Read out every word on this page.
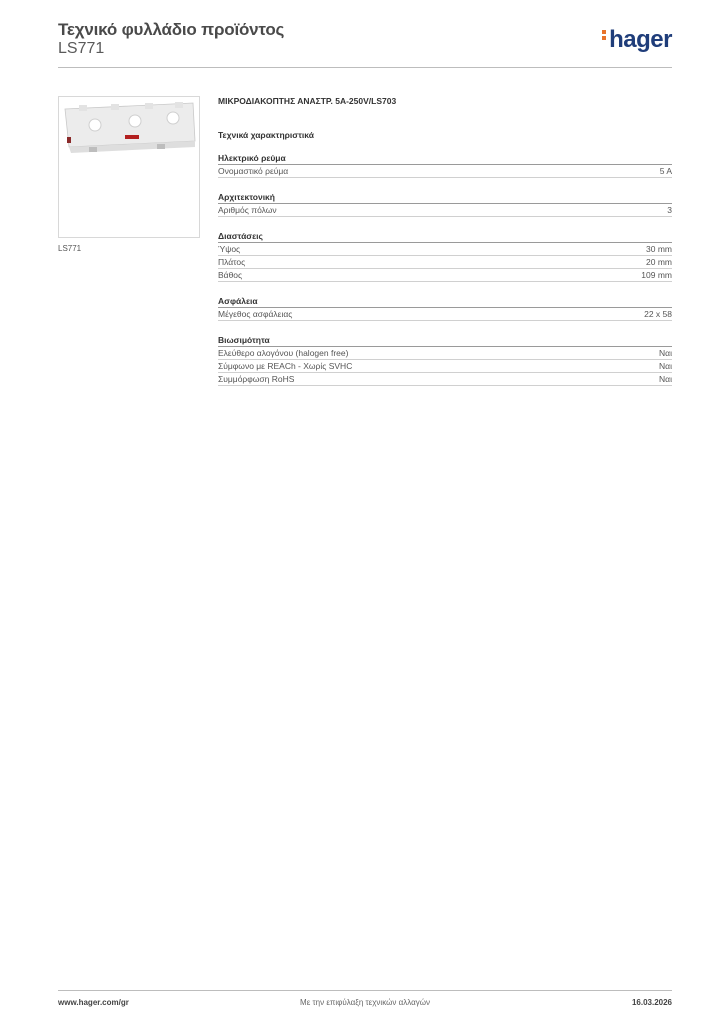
Τεχνικό φυλλάδιο προϊόντος
LS771	hager
LS771
ΜΙΚΡΟΔΙΑΚΟΠΤΗΣ ΑΝΑΣΤΡ. 5Α-250V/LS703
Τεχνικά χαρακτηριστικά
Ηλεκτρικό ρεύμα
Ονομαστικό ρεύμα	5 A
Αρχιτεκτονική
Αριθμός πόλων	3
Διαστάσεις
Ύψος	30 mm
Πλάτος	20 mm
Βάθος	109 mm
Ασφάλεια
Μέγεθος ασφάλειας	22 x 58
Βιωσιμότητα
Ελεύθερο αλογόνου (halogen free)	Ναι
Σύμφωνο με REACh - Χωρίς SVHC	Ναι
Συμμόρφωση RoHS	Ναι
www.hager.com/gr	Με την επιφύλαξη τεχνικών αλλαγών	16.03.2026
